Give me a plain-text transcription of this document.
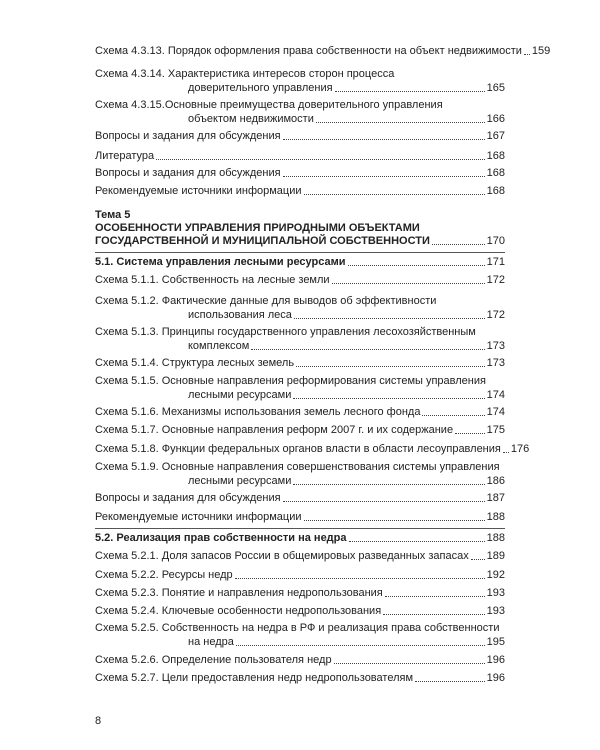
Схема 4.3.13. Порядок оформления права собственности на объект недвижимости 159
Схема 4.3.14. Характеристика интересов сторон процесса
доверительного управления	165
Схема 4.3.15.Основные преимущества доверительного управления
объектом недвижимости	166
Вопросы и задания для обсуждения	167
Литература	168
Вопросы и задания для обсуждения	168
Рекомендуемые источники информации	168
Тема 5
ОСОБЕННОСТИ УПРАВЛЕНИЯ ПРИРОДНЫМИ ОБЪЕКТАМИ
ГОСУДАРСТВЕННОЙ И МУНИЦИПАЛЬНОЙ СОБСТВЕННОСТИ	170
5.1. Система управления лесными ресурсами	171
Схема 5.1.1. Собственность на лесные земли	172
Схема 5.1.2. Фактические данные для выводов об эффективности
использования леса	172
Схема 5.1.3. Принципы государственного управления лесохозяйственным
комплексом	173
Схема 5.1.4. Структура лесных земель	173
Схема 5.1.5. Основные направления реформирования системы управления
лесными ресурсами	174
Схема 5.1.6. Механизмы использования земель лесного фонда	174
Схема 5.1.7. Основные направления реформ 2007 г. и их содержание	175
Схема 5.1.8. Функции федеральных органов власти в области лесоуправления 176
Схема 5.1.9. Основные направления совершенствования системы управления
лесными ресурсами	186
Вопросы и задания для обсуждения	187
Рекомендуемые источники информации	188
5.2. Реализация прав собственности на недра	188
Схема 5.2.1. Доля запасов России в общемировых разведанных запасах 189
Схема 5.2.2. Ресурсы недр	192
Схема 5.2.3. Понятие и направления недропользования	193
Схема 5.2.4. Ключевые особенности недропользования	193
Схема 5.2.5. Собственность на недра в РФ и реализация права собственности
на недра	195
Схема 5.2.6. Определение пользователя недр	196
Схема 5.2.7. Цели предоставления недр недропользователям	196
8
